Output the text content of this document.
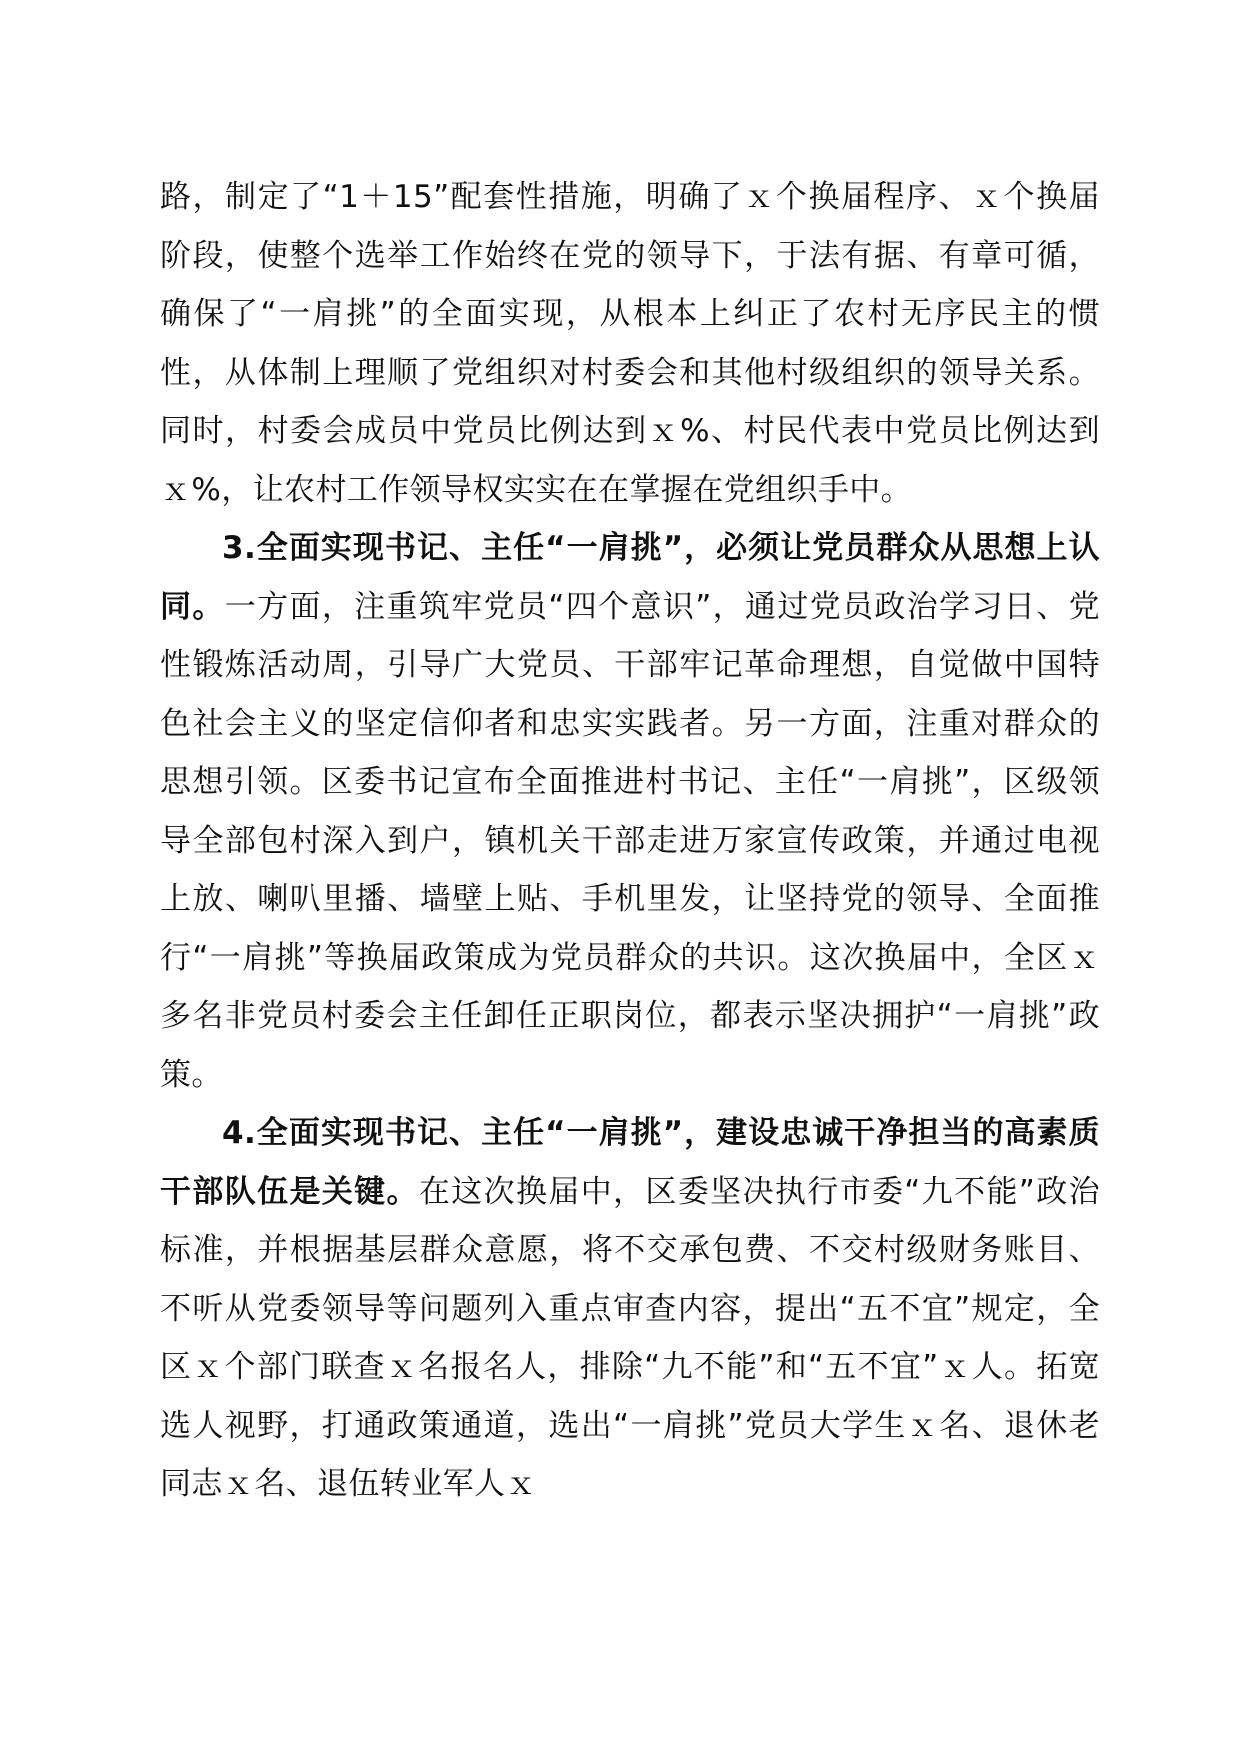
路，制定了“1＋15”配套性措施，明确了ｘ个换届程序、ｘ个换届阶段，使整个选举工作始终在党的领导下，于法有据、有章可循，确保了“一肩挑”的全面实现，从根本上纠正了农村无序民主的惯性，从体制上理顺了党组织对村委会和其他村级组织的领导关系。同时，村委会成员中党员比例达到ｘ%、村民代表中党员比例达到ｘ%，让农村工作领导权实实在在掌握在党组织手中。

3.全面实现书记、主任“一肩挑”，必须让党员群众从思想上认同。一方面，注重筑牢党员“四个意识”，通过党员政治学习日、党性锻炼活动周，引导广大党员、干部牢记革命理想，自觉做中国特色社会主义的坚定信仰者和忠实实践者。另一方面，注重对群众的思想引领。区委书记宣布全面推进村书记、主任“一肩挑”，区级领导全部包村深入到户，镇机关干部走进万家宣传政策，并通过电视上放、喇叭里播、墙壁上贴、手机里发，让坚持党的领导、全面推行“一肩挑”等换届政策成为党员群众的共识。这次换届中，全区ｘ多名非党员村委会主任卸任正职岗位，都表示坚决拥护“一肩挑”政策。

4.全面实现书记、主任“一肩挑”，建设忠诚干净担当的高素质干部队伍是关键。在这次换届中，区委坚决执行市委“九不能”政治标准，并根据基层群众意愿，将不交承包费、不交村级财务账目、不听从党委领导等问题列入重点审查内容，提出“五不宜”规定，全区ｘ个部门联查ｘ名报名人，排除“九不能”和“五不宜”ｘ人。拓宽选人视野，打通政策通道，选出“一肩挑”党员大学生ｘ名、退休老同志ｘ名、退伍转业军人ｘ
